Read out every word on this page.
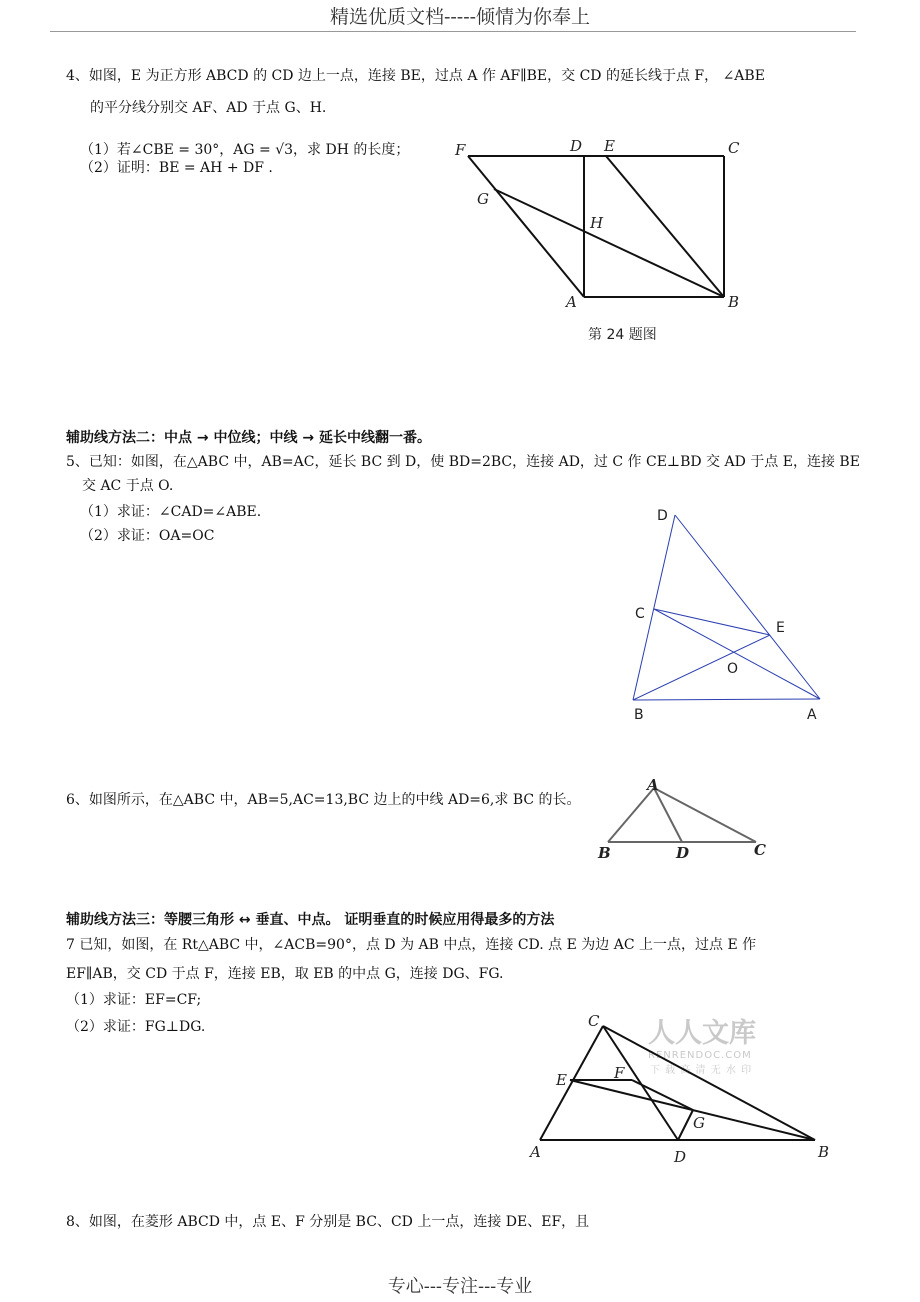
精选优质文档-----倾情为你奉上
4、如图，E 为正方形 ABCD 的 CD 边上一点，连接 BE，过点 A 作 AF∥BE，交 CD 的延长线于点 F， ∠ABE
的平分线分别交 AF、AD 于点 G、H.
（1）若∠CBE = 30°，AG = √3，求 DH 的长度；
（2）证明：BE = AH + DF .
F	D E	C
G
H
A	B
第 24 题图
辅助线方法二：中点 → 中位线；中线 → 延长中线翻一番。
5、已知：如图，在△ABC 中，AB=AC，延长 BC 到 D，使 BD=2BC，连接 AD，过 C 作 CE⊥BD 交 AD 于点 E，连接 BE
交 AC 于点 O.
（1）求证：∠CAD=∠ABE.
（2）求证：OA=OC
D
C
E
O
B	A
6、如图所示，在△ABC 中，AB=5,AC=13,BC 边上的中线 AD=6,求 BC 的长。
A
B	D	C
辅助线方法三：等腰三角形 ↔ 垂直、中点。 证明垂直的时候应用得最多的方法
7 已知，如图，在 Rt△ABC 中，∠ACB=90°，点 D 为 AB 中点，连接 CD. 点 E 为边 AC 上一点，过点 E 作
EF∥AB，交 CD 于点 F，连接 EB，取 EB 的中点 G，连接 DG、FG.
（1）求证：EF=CF;
（2）求证：FG⊥DG.	人人文库
RENRENDOC.COM
下 载 高 清 无 水 印
C
E	F
G
A	D	B
8、如图，在菱形 ABCD 中，点 E、F 分别是 BC、CD 上一点，连接 DE、EF，且
专心---专注---专业
